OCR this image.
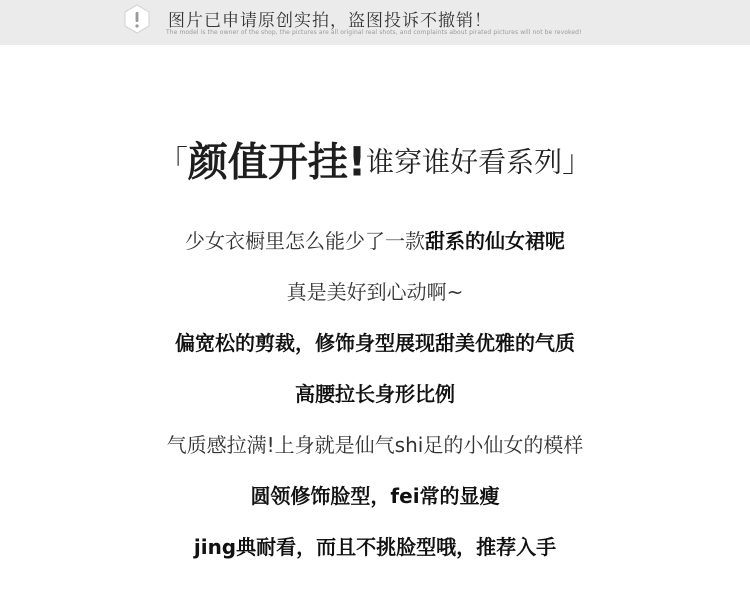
图片已申请原创实拍，盗图投诉不撤销！
The model is the owner of the shop, the pictures are all original real shots, and complaints about pirated pictures will not be revoked!
「颜值开挂!谁穿谁好看系列」
少女衣橱里怎么能少了一款甜系的仙女裙呢
真是美好到心动啊~
偏宽松的剪裁，修饰身型展现甜美优雅的气质
高腰拉长身形比例
气质感拉满!上身就是仙气shi足的小仙女的模样
圆领修饰脸型，fei常的显瘦
jing典耐看，而且不挑脸型哦，推荐入手
